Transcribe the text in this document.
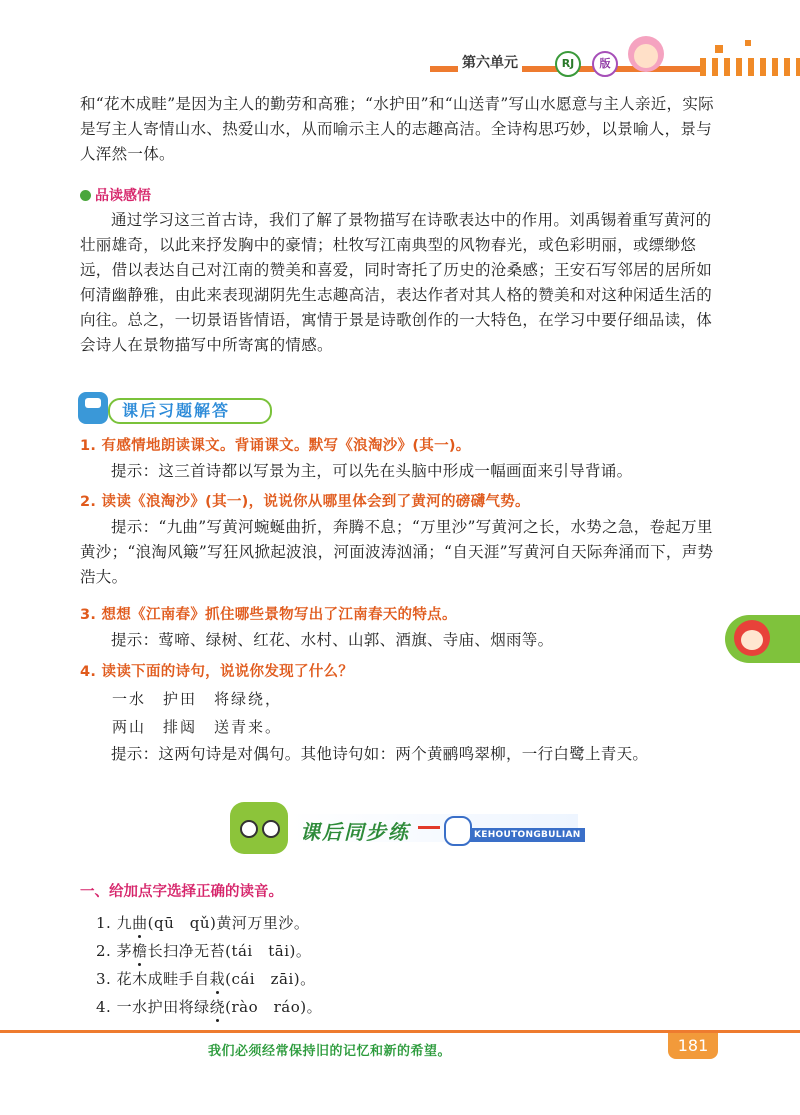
第六单元	RJ	版

和“花木成畦”是因为主人的勤劳和高雅；“水护田”和“山送青”写山水愿意与主人亲近，实际是写主人寄情山水、热爱山水，从而喻示主人的志趣高洁。全诗构思巧妙，以景喻人，景与人浑然一体。

品读感悟

通过学习这三首古诗，我们了解了景物描写在诗歌表达中的作用。刘禹锡着重写黄河的壮丽雄奇，以此来抒发胸中的豪情；杜牧写江南典型的风物春光，或色彩明丽，或缥缈悠远，借以表达自己对江南的赞美和喜爱，同时寄托了历史的沧桑感；王安石写邻居的居所如何清幽静雅，由此来表现湖阴先生志趣高洁，表达作者对其人格的赞美和对这种闲适生活的向往。总之，一切景语皆情语，寓情于景是诗歌创作的一大特色，在学习中要仔细品读，体会诗人在景物描写中所寄寓的情感。

课后习题解答
1. 有感情地朗读课文。背诵课文。默写《浪淘沙》(其一)。

提示：这三首诗都以写景为主，可以先在头脑中形成一幅画面来引导背诵。

2. 读读《浪淘沙》(其一)，说说你从哪里体会到了黄河的磅礴气势。

提示：“九曲”写黄河蜿蜒曲折，奔腾不息；“万里沙”写黄河之长，水势之急，卷起万里黄沙；“浪淘风簸”写狂风掀起波浪，河面波涛汹涌；“自天涯”写黄河自天际奔涌而下，声势浩大。

3. 想想《江南春》抓住哪些景物写出了江南春天的特点。

提示：莺啼、绿树、红花、水村、山郭、酒旗、寺庙、烟雨等。

4. 读读下面的诗句，说说你发现了什么？
一水　护田　将绿绕，
两山　排闼　送青来。

提示：这两句诗是对偶句。其他诗句如：两个黄鹂鸣翠柳，一行白鹭上青天。

课后同步练	KEHOUTONGBULIAN
一、给加点字选择正确的读音。
1. 九曲(qū　qǔ)黄河万里沙。
2. 茅檐长扫净无苔(tái　tāi)。
3. 花木成畦手自栽(cái　zāi)。
4. 一水护田将绿绕(rào　ráo)。
我们必须经常保持旧的记忆和新的希望。	181
